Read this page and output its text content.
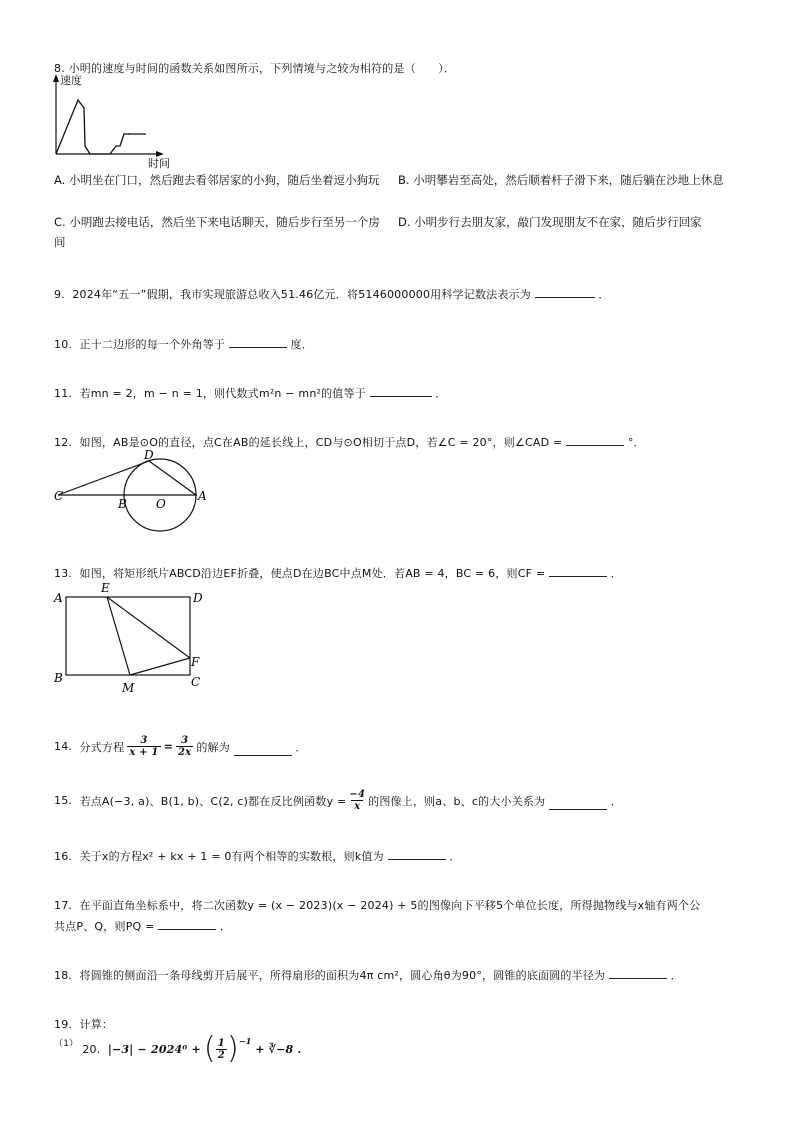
8. 小明的速度与时间的函数关系如图所示，下列情境与之较为相符的是（　　）．
速度
时间
A. 小明坐在门口，然后跑去看邻居家的小狗，随后坐着逗小狗玩	B. 小明攀岩至高处，然后顺着杆子滑下来，随后躺在沙地上休息
C. 小明跑去接电话，然后坐下来电话聊天，随后步行至另一个房间
D. 小明步行去朋友家，敲门发现朋友不在家，随后步行回家
9. 2024年“五一”假期，我市实现旅游总收入51.46亿元．将5146000000用科学记数法表示为	．
10. 正十二边形的每一个外角等于	度．
11. 若mn = 2，m − n = 1，则代数式m²n − mn²的值等于	．
12. 如图，AB是⊙O的直径，点C在AB的延长线上，CD与⊙O相切于点D，若∠C = 20°，则∠CAD =	°．
C
B O
A
D
13. 如图，将矩形纸片ABCD沿边EF折叠，使点D在边BC中点M处．若AB = 4，BC = 6，则CF =	．
A
E
D
F
B
M	C
14.
分式方程 $\frac{3}{x + 1} = \frac{3}{2x}$ 的解为

	．
15.
若点A(−3, a)、B(1, b)、C(2, c)都在反比例函数$y = \frac{-4}{x}$ 的图像上，则a、b、c的大小关系为

	．
16. 关于x的方程x² + kx + 1 = 0有两个相等的实数根，则k值为	．
17. 在平面直角坐标系中，将二次函数y = (x − 2023)(x − 2024) + 5的图像向下平移5个单位长度，所得抛物线与x轴有两个公
共点P、Q，则PQ =	．
18. 将圆锥的侧面沿一条母线剪开后展平，所得扇形的面积为4π cm²，圆心角θ为90°，圆锥的底面圆的半径为	．
19. 计算：
（1） 20.
|−3| − 2024⁰ + ( 1
2 ) −1

+ ∛−8 .
